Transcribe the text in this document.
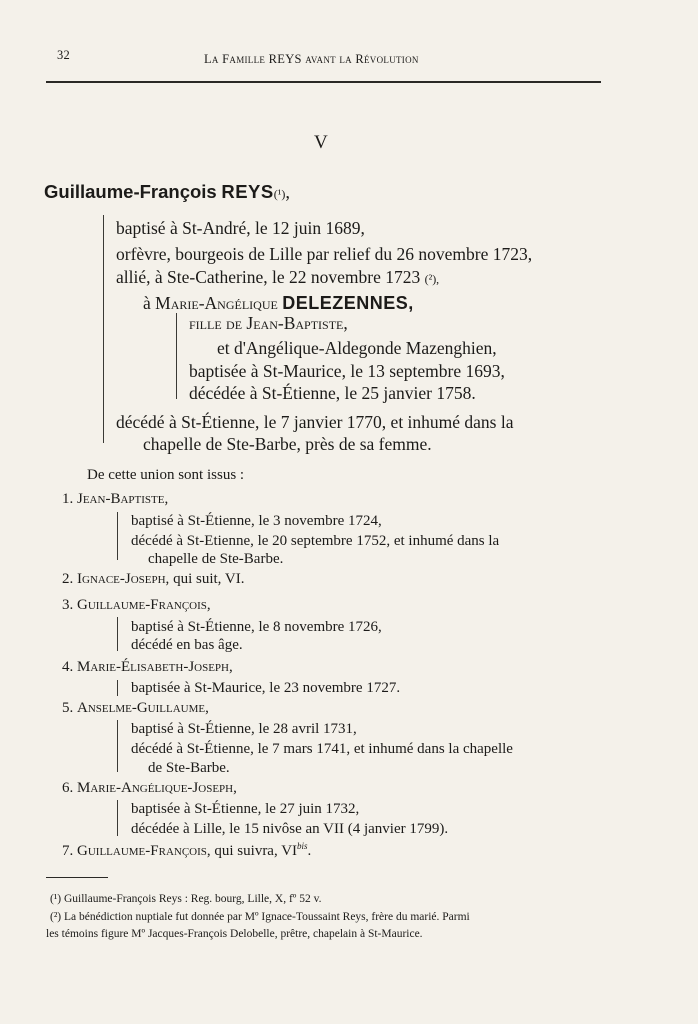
32	La Famille REYS avant la Révolution
V
Guillaume-François REYS(¹),
baptisé à St-André, le 12 juin 1689,
orfèvre, bourgeois de Lille par relief du 26 novembre 1723,
allié, à Ste-Catherine, le 22 novembre 1723 (²),
à Marie-Angélique DELEZENNES,
fille de Jean-Baptiste,
et d'Angélique-Aldegonde Mazenghien,
baptisée à St-Maurice, le 13 septembre 1693,
décédée à St-Étienne, le 25 janvier 1758.
décédé à St-Étienne, le 7 janvier 1770, et inhumé dans la
chapelle de Ste-Barbe, près de sa femme.
De cette union sont issus :
1. Jean-Baptiste,
baptisé à St-Étienne, le 3 novembre 1724,
décédé à St-Etienne, le 20 septembre 1752, et inhumé dans la
chapelle de Ste-Barbe.
2. Ignace-Joseph, qui suit, VI.
3. Guillaume-François,
baptisé à St-Étienne, le 8 novembre 1726,
décédé en bas âge.
4. Marie-Élisabeth-Joseph,
baptisée à St-Maurice, le 23 novembre 1727.
5. Anselme-Guillaume,
baptisé à St-Étienne, le 28 avril 1731,
décédé à St-Étienne, le 7 mars 1741, et inhumé dans la chapelle
de Ste-Barbe.
6. Marie-Angélique-Joseph,
baptisée à St-Étienne, le 27 juin 1732,
décédée à Lille, le 15 nivôse an VII (4 janvier 1799).
7. Guillaume-François, qui suivra, $VI^{bis}$.
(¹) Guillaume-François Reys : Reg. bourg, Lille, X, fº 52 v.
(²) La bénédiction nuptiale fut donnée par Mº Ignace-Toussaint Reys, frère du marié. Parmi
les témoins figure Mº Jacques-François Delobelle, prêtre, chapelain à St-Maurice.
